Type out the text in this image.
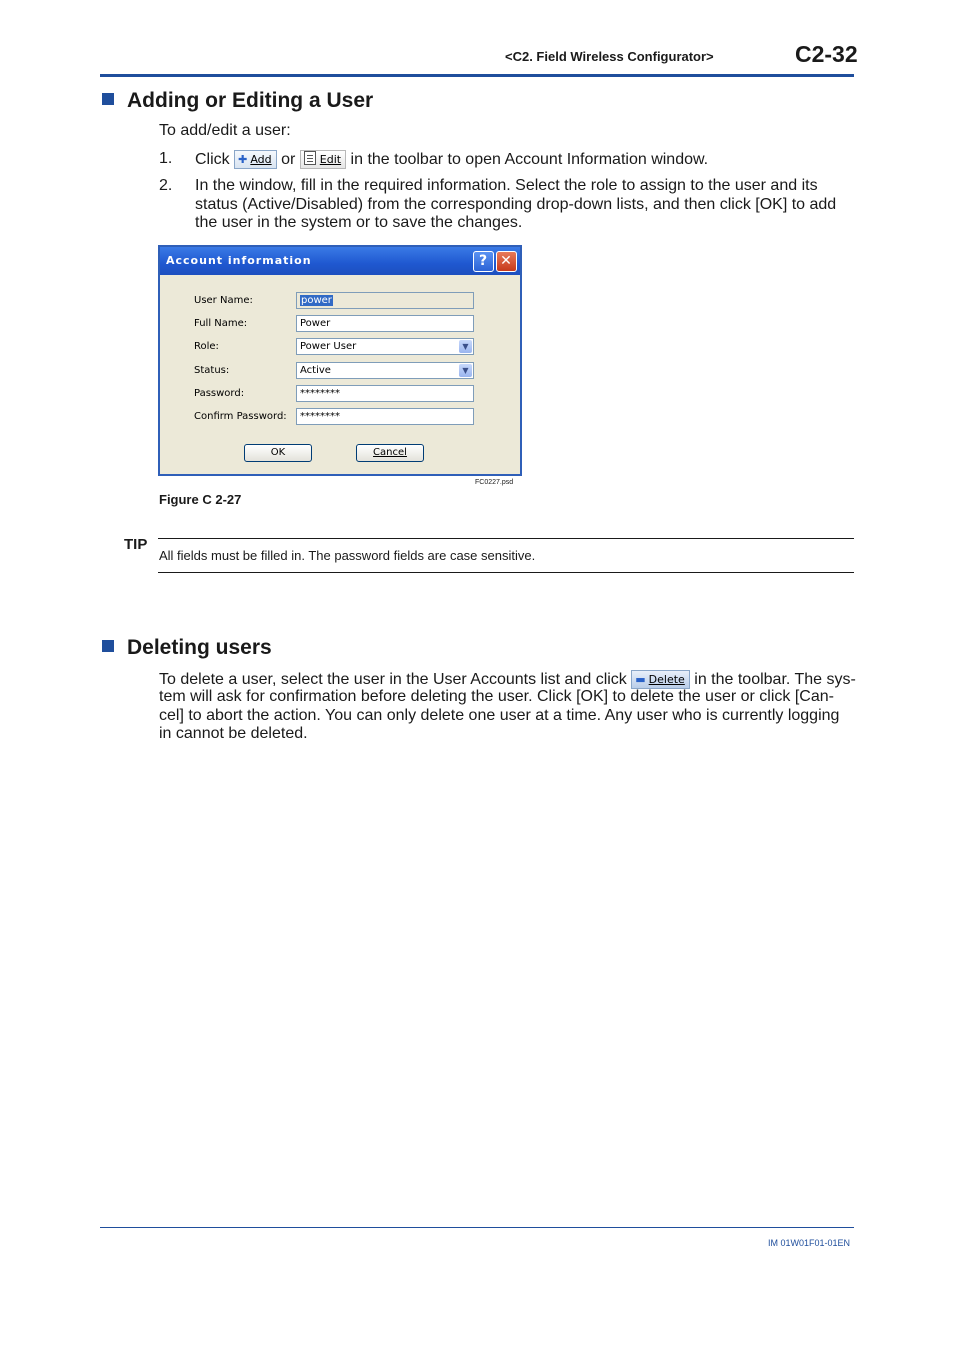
<C2. Field Wireless Configurator>	C2-32
Adding or Editing a User
To add/edit a user:
1. Click ✚ Add or Edit in the toolbar to open Account Information window.
2. In the window, fill in the required information. Select the role to assign to the user and its
status (Active/Disabled) from the corresponding drop-down lists, and then click [OK] to add
the user in the system or to save the changes.
Account information	? ✕
User Name:	power
Full Name:	Power
Role:	Power User	▼
Status:	Active	▼
Password:	********
Confirm Password:	********
OK	Cancel
FC0227.psd
Figure C 2-27
TIP
All fields must be filled in. The password fields are case sensitive.
Deleting users
To delete a user, select the user in the User Accounts list and click ▬ Delete in the toolbar. The sys-
tem will ask for confirmation before deleting the user. Click [OK] to delete the user or click [Can-
cel] to abort the action. You can only delete one user at a time. Any user who is currently logging
in cannot be deleted.
IM 01W01F01-01EN
